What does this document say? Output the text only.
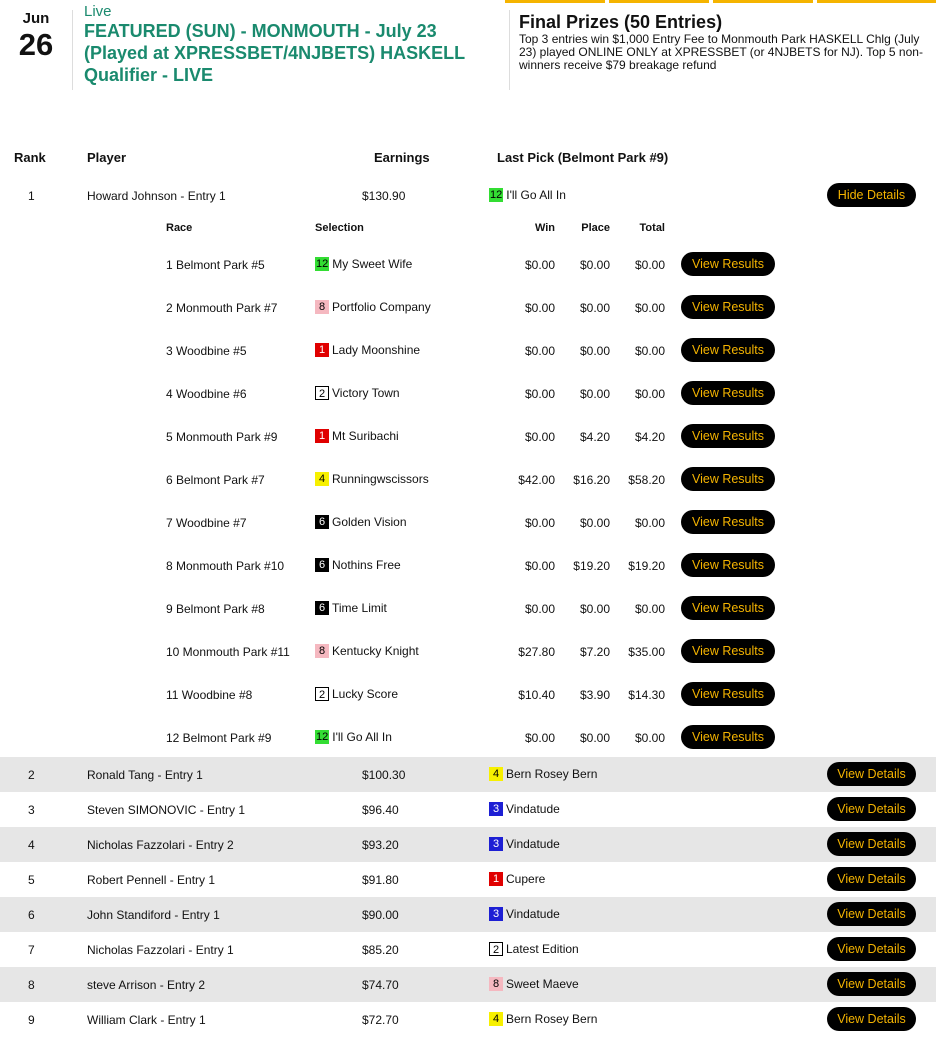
Jun
26
Live
FEATURED (SUN) - MONMOUTH - July 23 (Played at XPRESSBET/4NJBETS) HASKELL Qualifier - LIVE
Final Prizes (50 Entries)

Top 3 entries win $1,000 Entry Fee to Monmouth Park HASKELL Chlg (July 23) played ONLINE ONLY at XPRESSBET (or 4NJBETS for NJ). Top 5 non-winners receive $79 breakage refund

Rank	Player	Earnings	Last Pick (Belmont Park #9)
1	Howard Johnson - Entry 1	$130.90	12 I'll Go All In	Hide Details
Race	Selection	Win	Place	Total
1 Belmont Park #5	12 My Sweet Wife	$0.00	$0.00	$0.00	View Results
2 Monmouth Park #7	8 Portfolio Company	$0.00	$0.00	$0.00	View Results
3 Woodbine #5	1 Lady Moonshine	$0.00	$0.00	$0.00	View Results
4 Woodbine #6	2 Victory Town	$0.00	$0.00	$0.00	View Results
5 Monmouth Park #9	1 Mt Suribachi	$0.00	$4.20	$4.20	View Results
6 Belmont Park #7	4 Runningwscissors	$42.00	$16.20	$58.20	View Results
7 Woodbine #7	6 Golden Vision	$0.00	$0.00	$0.00	View Results
8 Monmouth Park #10	6 Nothins Free	$0.00	$19.20	$19.20	View Results
9 Belmont Park #8	6 Time Limit	$0.00	$0.00	$0.00	View Results
10 Monmouth Park #11	8 Kentucky Knight	$27.80	$7.20	$35.00	View Results
11 Woodbine #8	2 Lucky Score	$10.40	$3.90	$14.30	View Results
12 Belmont Park #9	12 I'll Go All In	$0.00	$0.00	$0.00	View Results
2	Ronald Tang - Entry 1	$100.30	4 Bern Rosey Bern	View Details
3	Steven SIMONOVIC - Entry 1	$96.40	3 Vindatude	View Details
4	Nicholas Fazzolari - Entry 2	$93.20	3 Vindatude	View Details
5	Robert Pennell - Entry 1	$91.80	1 Cupere	View Details
6	John Standiford - Entry 1	$90.00	3 Vindatude	View Details
7	Nicholas Fazzolari - Entry 1	$85.20	2 Latest Edition	View Details
8	steve Arrison - Entry 2	$74.70	8 Sweet Maeve	View Details
9	William Clark - Entry 1	$72.70	4 Bern Rosey Bern	View Details
